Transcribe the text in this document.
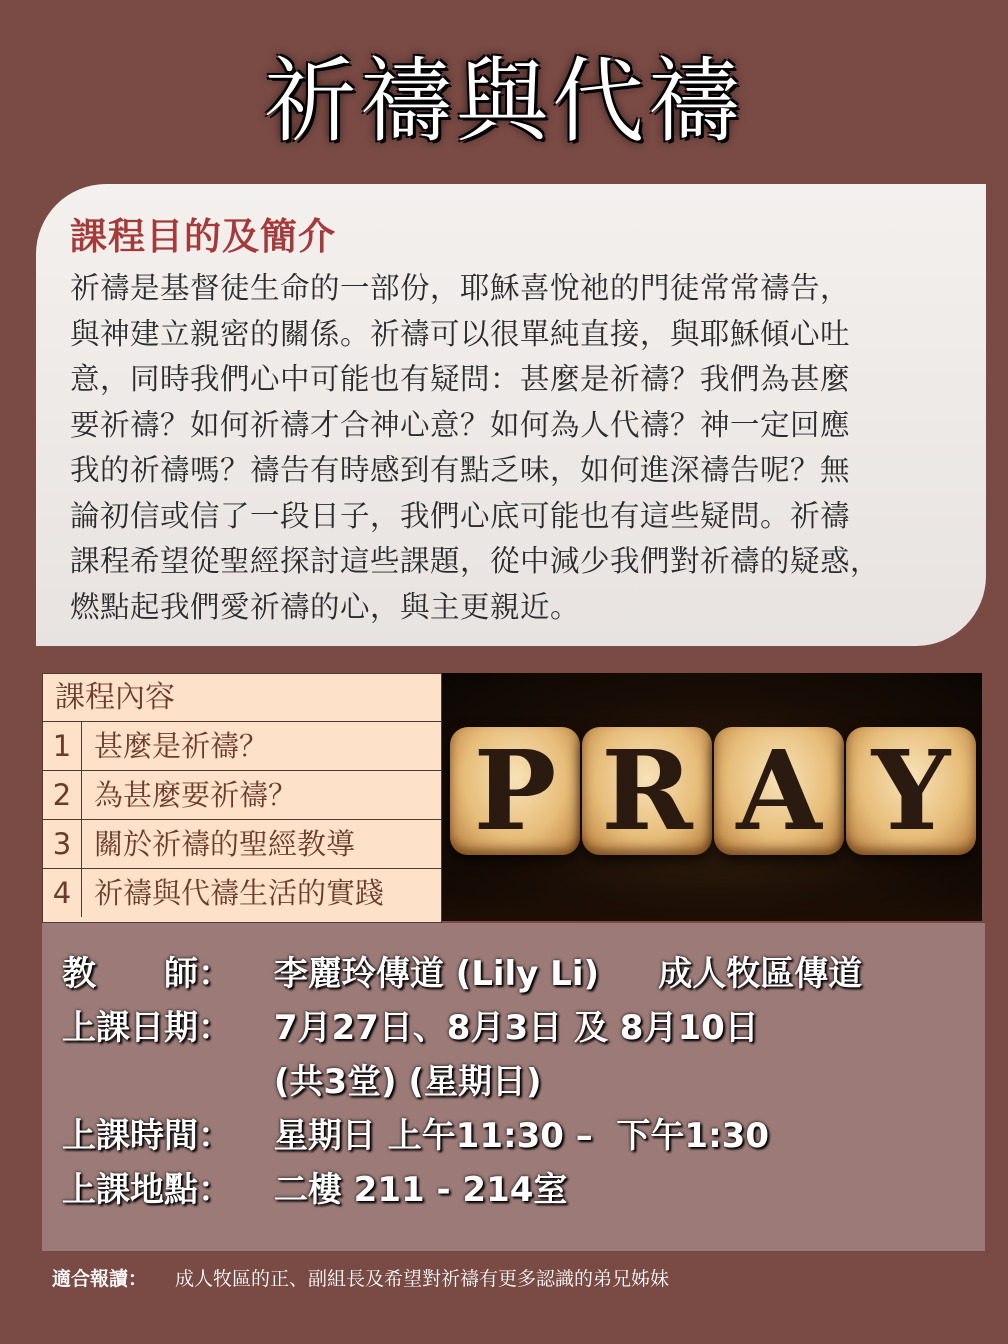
祈禱與代禱
課程目的及簡介

祈禱是基督徒生命的一部份，耶穌喜悅祂的門徒常常禱告，
與神建立親密的關係。祈禱可以很單純直接，與耶穌傾心吐
意，同時我們心中可能也有疑問：甚麼是祈禱？我們為甚麼
要祈禱？如何祈禱才合神心意？如何為人代禱？神一定回應
我的祈禱嗎？禱告有時感到有點乏味，如何進深禱告呢？無
論初信或信了一段日子，我們心底可能也有這些疑問。祈禱
課程希望從聖經探討這些課題，從中減少我們對祈禱的疑惑，
燃點起我們愛祈禱的心，與主更親近。

課程內容
1 甚麼是祈禱？
2 為甚麼要祈禱？
3 關於祈禱的聖經教導
4 祈禱與代禱生活的實踐
P R A Y
教　　師： 李麗玲傳道 (Lily Li)     成人牧區傳道
上課日期： 7月27日、8月3日 及 8月10日
(共3堂) (星期日)
上課時間： 星期日 上午11:30 –  下午1:30
上課地點： 二樓 211 - 214室
適合報讀： 成人牧區的正、副組長及希望對祈禱有更多認識的弟兄姊妹
